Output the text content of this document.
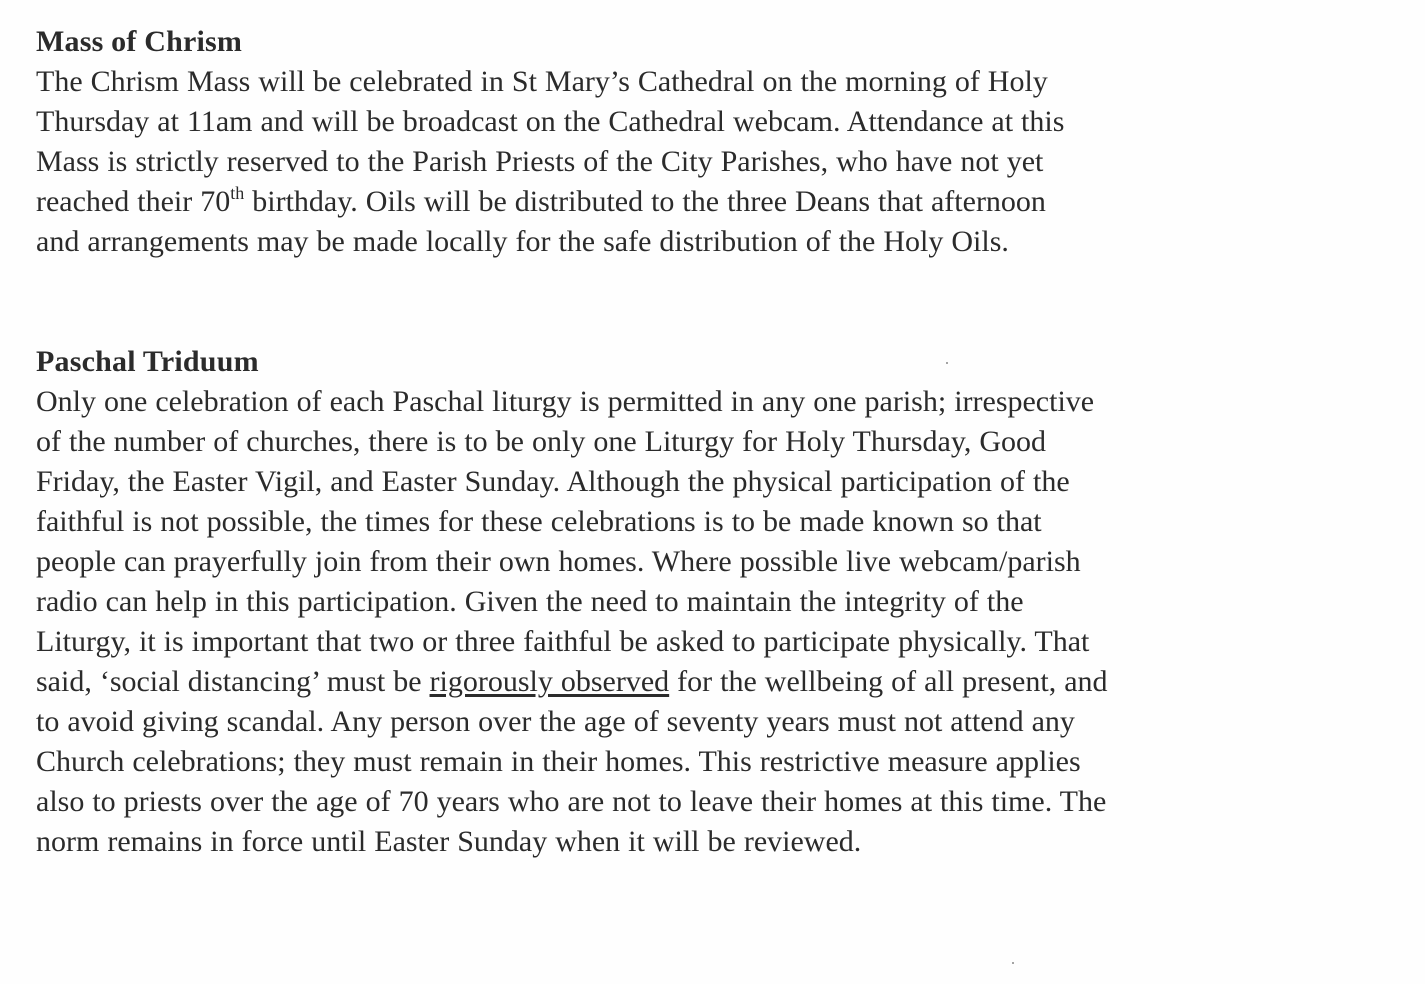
Mass of Chrism

The Chrism Mass will be celebrated in St Mary’s Cathedral on the morning of Holy
Thursday at 11am and will be broadcast on the Cathedral webcam. Attendance at this
Mass is strictly reserved to the Parish Priests of the City Parishes, who have not yet
reached their 70th birthday. Oils will be distributed to the three Deans that afternoon
and arrangements may be made locally for the safe distribution of the Holy Oils.

Paschal Triduum

Only one celebration of each Paschal liturgy is permitted in any one parish; irrespective
of the number of churches, there is to be only one Liturgy for Holy Thursday, Good
Friday, the Easter Vigil, and Easter Sunday. Although the physical participation of the
faithful is not possible, the times for these celebrations is to be made known so that
people can prayerfully join from their own homes. Where possible live webcam/parish
radio can help in this participation. Given the need to maintain the integrity of the
Liturgy, it is important that two or three faithful be asked to participate physically. That
said, ‘social distancing’ must be rigorously observed for the wellbeing of all present, and
to avoid giving scandal. Any person over the age of seventy years must not attend any
Church celebrations; they must remain in their homes. This restrictive measure applies
also to priests over the age of 70 years who are not to leave their homes at this time. The
norm remains in force until Easter Sunday when it will be reviewed.
